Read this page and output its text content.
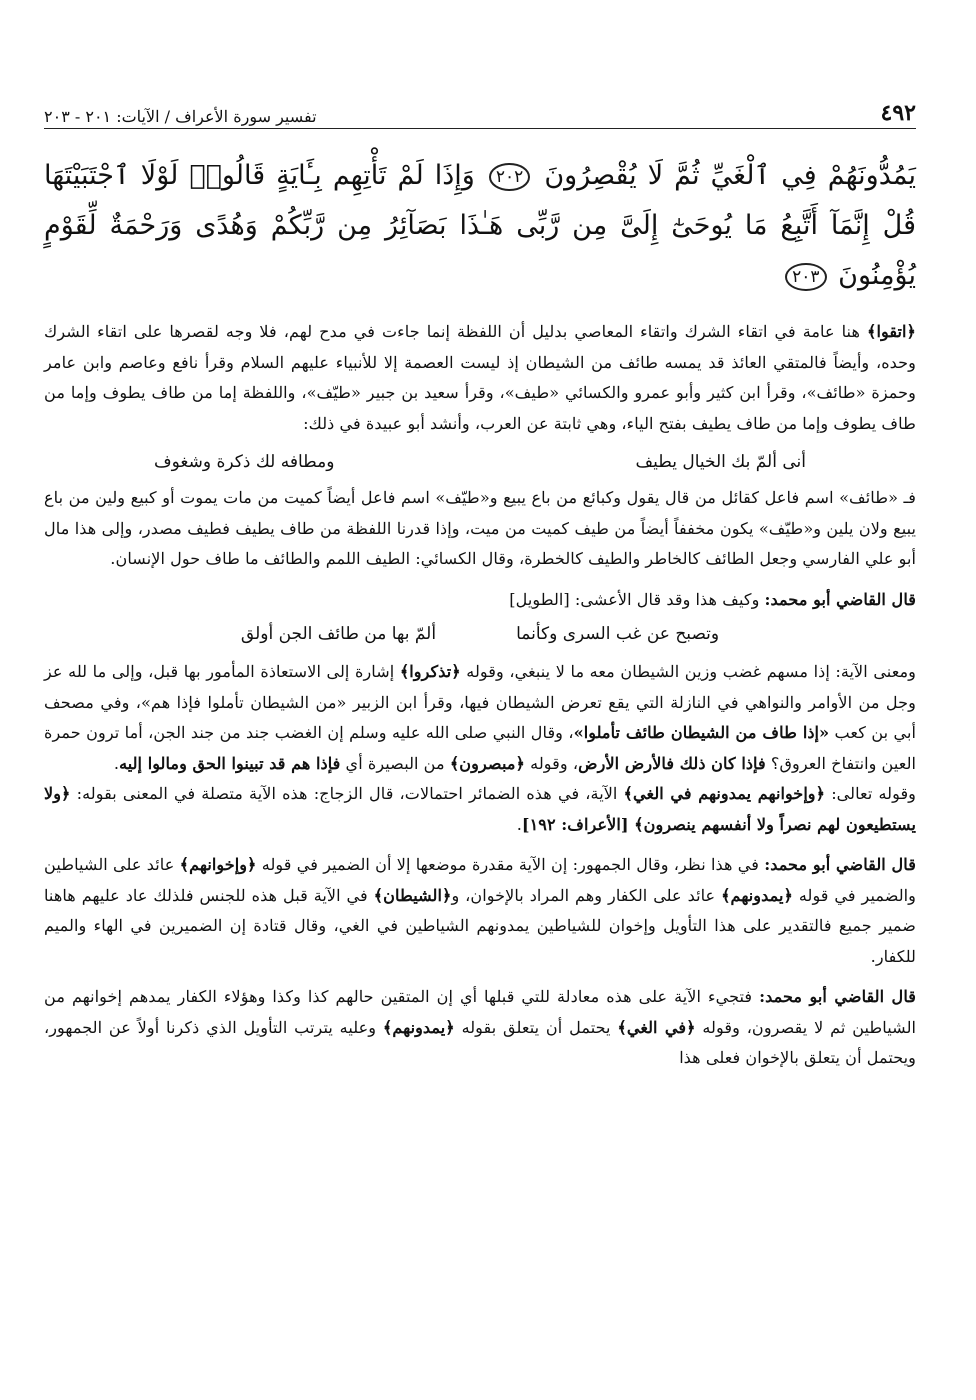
٤٩٢
تفسير سورة الأعراف / الآيات: ٢٠١ - ٢٠٣
يَمُدُّونَهُمْ فِي ٱلْغَيِّ ثُمَّ لَا يُقْصِرُونَ ٢٠٢ وَإِذَا لَمْ تَأْتِهِم بِـَٔايَةٍ قَالُوا۟ لَوْلَا ٱجْتَبَيْتَهَا قُلْ إِنَّمَآ أَتَّبِعُ مَا يُوحَىٰٓ إِلَىَّ مِن رَّبِّى هَـٰذَا بَصَآئِرُ مِن رَّبِّكُمْ وَهُدًى وَرَحْمَةٌ لِّقَوْمٍ يُؤْمِنُونَ ٢٠٣

﴿اتقوا﴾ هنا عامة في اتقاء الشرك واتقاء المعاصي بدليل أن اللفظة إنما جاءت في مدح لهم، فلا وجه لقصرها على اتقاء الشرك وحده، وأيضاً فالمتقي العائذ قد يمسه طائف من الشيطان إذ ليست العصمة إلا للأنبياء عليهم السلام وقرأ نافع وعاصم وابن عامر وحمزة «طائف»، وقرأ ابن كثير وأبو عمرو والكسائي «طيف»، وقرأ سعيد بن جبير «طيّف»، واللفظة إما من طاف يطوف وإما من طاف يطوف وإما من طاف يطيف بفتح الياء، وهي ثابتة عن العرب، وأنشد أبو عبيدة في ذلك:

أنى ألمّ بك الخيال يطيف
ومطافه لك ذكرة وشغوف

فـ «طائف» اسم فاعل كقائل من قال يقول وكبائع من باع يبيع و«طيّف» اسم فاعل أيضاً كميت من مات يموت أو كبيع ولين من باع يبيع ولان يلين و«طيّف» يكون مخففاً أيضاً من طيف كميت من ميت، وإذا قدرنا اللفظة من طاف يطيف فطيف مصدر، وإلى هذا مال أبو علي الفارسي وجعل الطائف كالخاطر والطيف كالخطرة، وقال الكسائي: الطيف اللمم والطائف ما طاف حول الإنسان.

قال القاضي أبو محمد: وكيف هذا وقد قال الأعشى: [الطويل]

وتصبح عن غب السرى وكأنما
ألمّ بها من طائف الجن أولق

ومعنى الآية: إذا مسهم غضب وزين الشيطان معه ما لا ينبغي، وقوله ﴿تذكروا﴾ إشارة إلى الاستعاذة المأمور بها قبل، وإلى ما لله عز وجل من الأوامر والنواهي في النازلة التي يقع تعرض الشيطان فيها، وقرأ ابن الزبير «من الشيطان تأملوا فإذا هم»، وفي مصحف أبي بن كعب «إذا طاف من الشيطان طائف تأملوا»، وقال النبي صلى الله عليه وسلم إن الغضب جند من جند الجن، أما ترون حمرة العين وانتفاخ العروق؟ فإذا كان ذلك فالأرض الأرض، وقوله ﴿مبصرون﴾ من البصيرة أي فإذا هم قد تبينوا الحق ومالوا إليه.

وقوله تعالى: ﴿وإخوانهم يمدونهم في الغي﴾ الآية، في هذه الضمائر احتمالات، قال الزجاج: هذه الآية متصلة في المعنى بقوله: ﴿ولا يستطيعون لهم نصراً ولا أنفسهم ينصرون﴾ [الأعراف: ١٩٢].

قال القاضي أبو محمد: في هذا نظر، وقال الجمهور: إن الآية مقدرة موضعها إلا أن الضمير في قوله ﴿وإخوانهم﴾ عائد على الشياطين والضمير في قوله ﴿يمدونهم﴾ عائد على الكفار وهم المراد بالإخوان، و﴿الشيطان﴾ في الآية قبل هذه للجنس فلذلك عاد عليهم هاهنا ضمير جميع فالتقدير على هذا التأويل وإخوان للشياطين يمدونهم الشياطين في الغي، وقال قتادة إن الضميرين في الهاء والميم للكفار.

قال القاضي أبو محمد: فتجيء الآية على هذه معادلة للتي قبلها أي إن المتقين حالهم كذا وكذا وهؤلاء الكفار يمدهم إخوانهم من الشياطين ثم لا يقصرون، وقوله ﴿في الغي﴾ يحتمل أن يتعلق بقوله ﴿يمدونهم﴾ وعليه يترتب التأويل الذي ذكرنا أولاً عن الجمهور، ويحتمل أن يتعلق بالإخوان فعلى هذا
